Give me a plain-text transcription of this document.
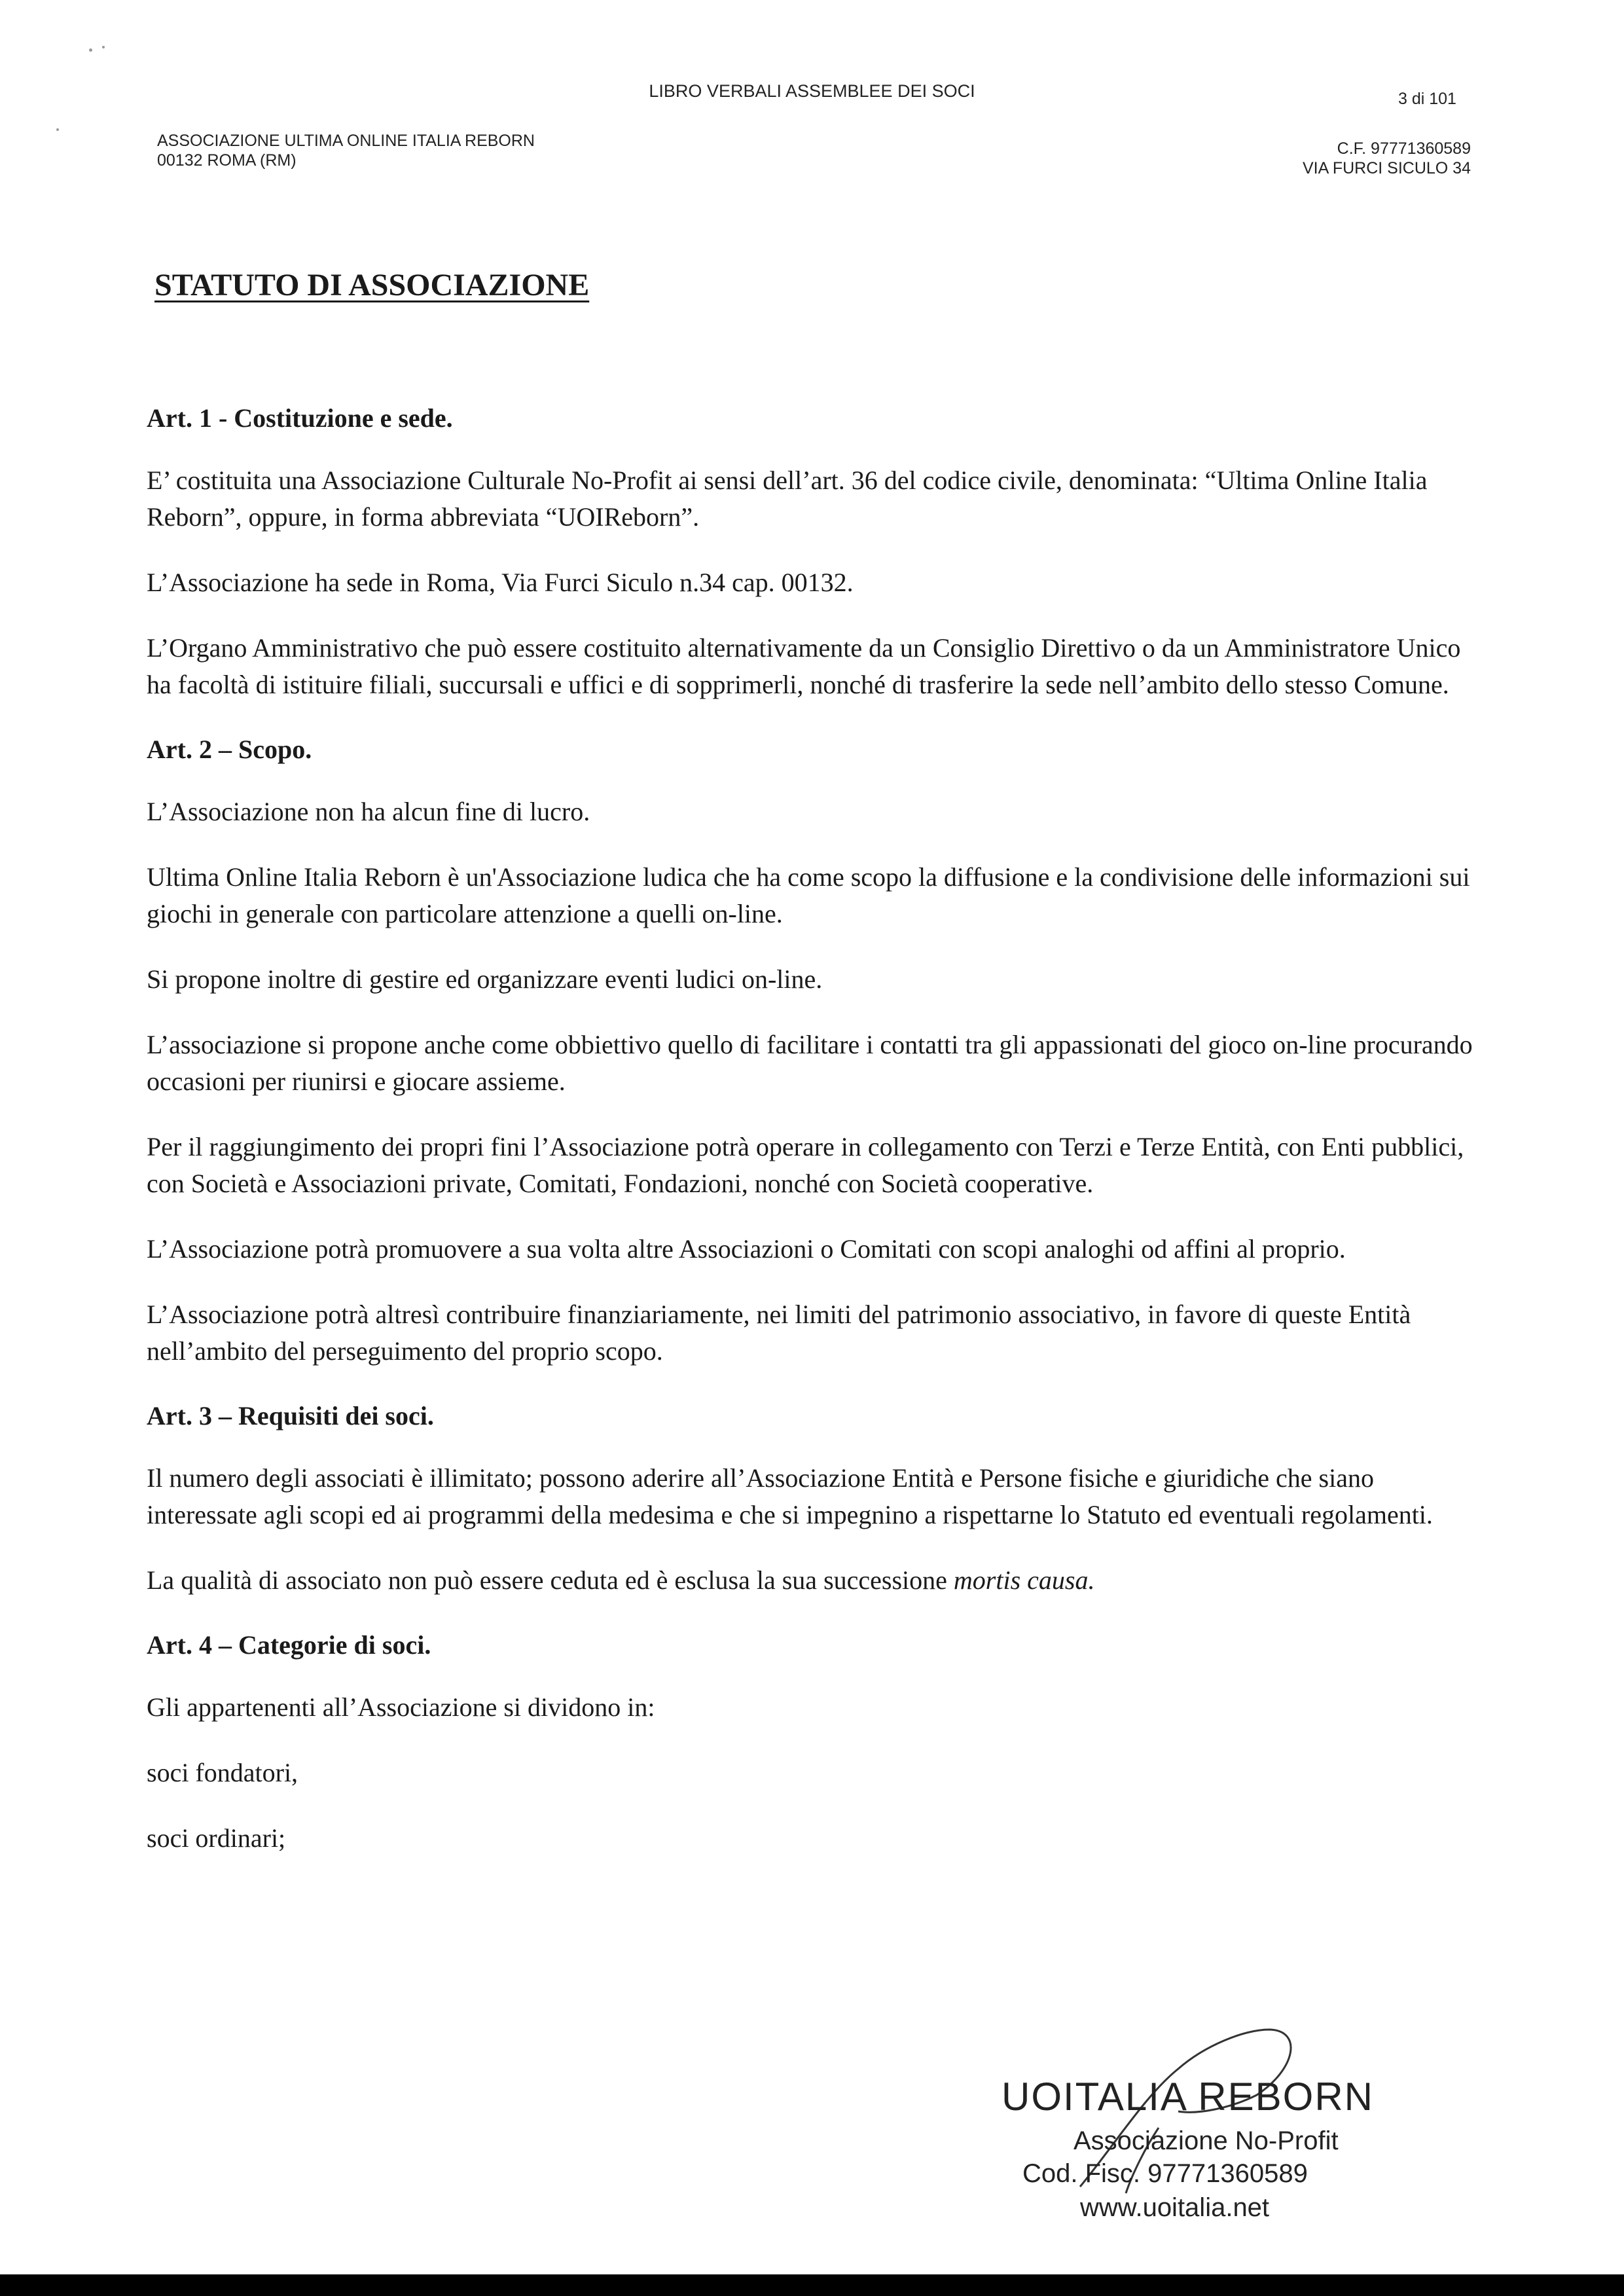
LIBRO VERBALI ASSEMBLEE DEI SOCI	3 di 101
ASSOCIAZIONE ULTIMA ONLINE ITALIA REBORN
00132 ROMA (RM)
C.F. 97771360589
VIA FURCI SICULO 34
STATUTO DI ASSOCIAZIONE

Art. 1 - Costituzione e sede.

E’ costituita una Associazione Culturale No-Profit ai sensi dell’art. 36 del codice civile, denominata: “Ultima Online Italia Reborn”, oppure, in forma abbreviata “UOIReborn”.

L’Associazione ha sede in Roma, Via Furci Siculo n.34 cap. 00132.

L’Organo Amministrativo che può essere costituito alternativamente da un Consiglio Direttivo o da un Amministratore Unico ha facoltà di istituire filiali, succursali e uffici e di sopprimerli, nonché di trasferire la sede nell’ambito dello stesso Comune.

Art. 2 – Scopo.

L’Associazione non ha alcun fine di lucro.

Ultima Online Italia Reborn è un'Associazione ludica che ha come scopo la diffusione e la condivisione delle informazioni sui giochi in generale con particolare attenzione a quelli on-line.

Si propone inoltre di gestire ed organizzare eventi ludici on-line.

L’associazione si propone anche come obbiettivo quello di facilitare i contatti tra gli appassionati del gioco on-line procurando occasioni per riunirsi e giocare assieme.

Per il raggiungimento dei propri fini l’Associazione potrà operare in collegamento con Terzi e Terze Entità, con Enti pubblici, con Società e Associazioni private, Comitati, Fondazioni, nonché con Società cooperative.

L’Associazione potrà promuovere a sua volta altre Associazioni o Comitati con scopi analoghi od affini al proprio.

L’Associazione potrà altresì contribuire finanziariamente, nei limiti del patrimonio associativo, in favore di queste Entità nell’ambito del perseguimento del proprio scopo.

Art. 3 – Requisiti dei soci.

Il numero degli associati è illimitato; possono aderire all’Associazione Entità e Persone fisiche e giuridiche che siano interessate agli scopi ed ai programmi della medesima e che si impegnino a rispettarne lo Statuto ed eventuali regolamenti.

La qualità di associato non può essere ceduta ed è esclusa la sua successione mortis causa.

Art. 4 – Categorie di soci.

Gli appartenenti all’Associazione si dividono in:

soci fondatori,

soci ordinari;

UOITALIA REBORN
Associazione No-Profit
Cod. Fisc. 97771360589
www.uoitalia.net
